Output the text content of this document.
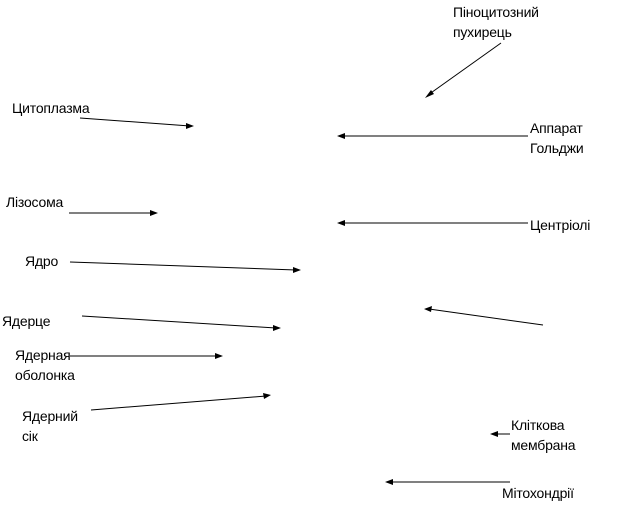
Піноцитозний
пухирець
Цитоплазма
Аппарат
Гольджи
Лізосома
Центріолі
Ядро
Ядерце
Ядерная
оболонка
Ядерний
сік
Кліткова
мембрана
Мітохондрії
